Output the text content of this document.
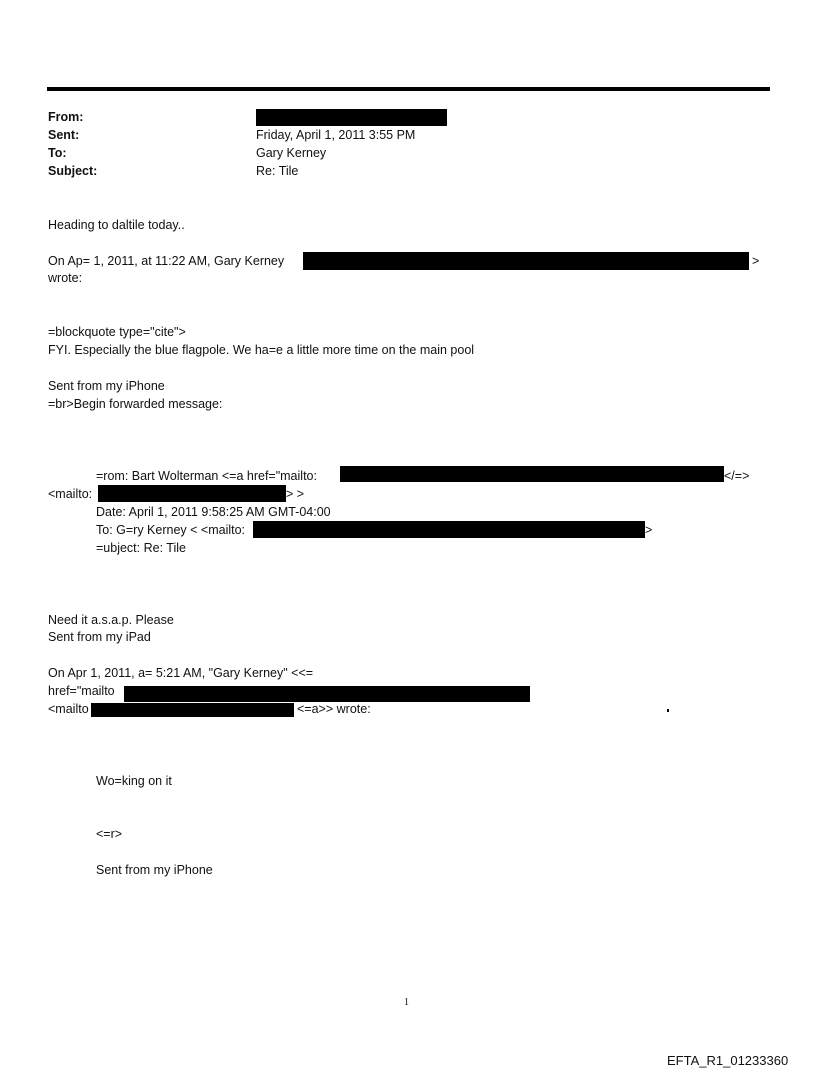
From:
Sent:	Friday, April 1, 2011 3:55 PM
To:	Gary Kerney
Subject:	Re: Tile
Heading to daltile today..
On Ap= 1, 2011, at 11:22 AM, Gary Kerney	>
wrote:
=blockquote type="cite">
FYI. Especially the blue flagpole. We ha=e a little more time on the main pool
Sent from my iPhone
=br>Begin forwarded message:
=rom: Bart Wolterman <=a href="mailto:	</=>
<mailto:	> >
Date: April 1, 2011 9:58:25 AM GMT-04:00
To: G=ry Kerney < <mailto:	>
=ubject: Re: Tile
Need it a.s.a.p. Please
Sent from my iPad
On Apr 1, 2011, a= 5:21 AM, "Gary Kerney" <<=
href="mailto
<mailto	<=a>> wrote:
Wo=king on it
<=r>
Sent from my iPhone
1
EFTA_R1_01233360
